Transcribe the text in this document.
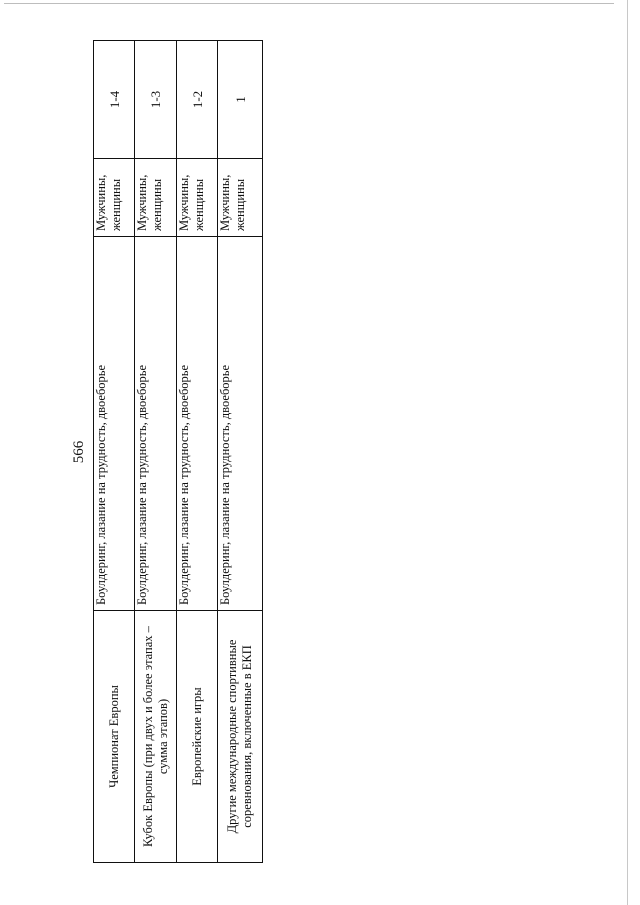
566
Чемпионат Европы	Боулдеринг, лазание на трудность, двоеборье	Мужчины, женщины	1-4

Кубок Европы (при двух и более этапах – сумма этапов)	Боулдеринг, лазание на трудность, двоеборье	Мужчины, женщины	1-3

Европейские игры	Боулдеринг, лазание на трудность, двоеборье	Мужчины, женщины	1-2

Другие международные спортивные соревнования, включенные в ЕКП	Боулдеринг, лазание на трудность, двоеборье	Мужчины, женщины	1
